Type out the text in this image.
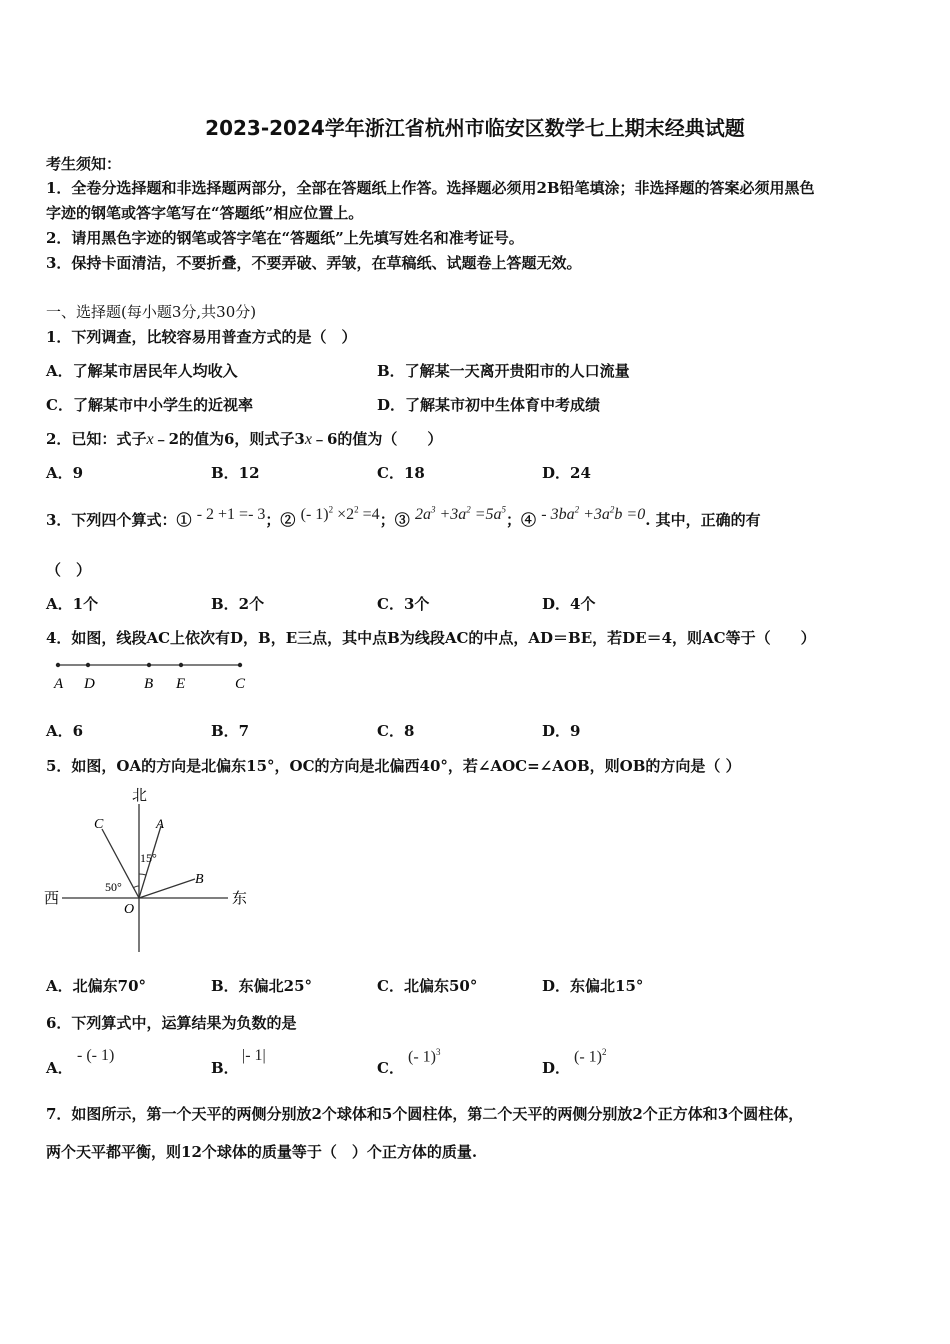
2023-2024学年浙江省杭州市临安区数学七上期末经典试题
考生须知：
1．全卷分选择题和非选择题两部分，全部在答题纸上作答。选择题必须用2B铅笔填涂；非选择题的答案必须用黑色
字迹的钢笔或答字笔写在“答题纸”相应位置上。
2．请用黑色字迹的钢笔或答字笔在“答题纸”上先填写姓名和准考证号。
3．保持卡面清洁，不要折叠，不要弄破、弄皱，在草稿纸、试题卷上答题无效。
一、选择题(每小题3分,共30分)
1．下列调查，比较容易用普查方式的是（　）
A．了解某市居民年人均收入	B．了解某一天离开贵阳市的人口流量
C．了解某市中小学生的近视率	D．了解某市初中生体育中考成绩
2．已知：式子x﹣2的值为6，则式子3x﹣6的值为（　　）
A．9	B．12	C．18	D．24
3．下列四个算式：① - 2 +1 =- 3；② (- $1)^2 \times 2^2 =4$；③ $2a^3 +3a^2 =5a^5$；④ - $3ba^2 +3a^2b =0$. 其中，正确的有
（　）
A．1个	B．2个	C．3个	D．4个
4．如图，线段AC上依次有D，B，E三点，其中点B为线段AC的中点，AD＝BE，若DE＝4，则AC等于（　　）
A D	B E	C
A．6	B．7	C．8	D．9
5．如图，OA的方向是北偏东15°，OC的方向是北偏西40°，若∠AOC=∠AOB，则OB的方向是（ ）
北
西	东
C	A
B
O
15°
50°
A．北偏东70°	B．东偏北25°	C．北偏东50°	D．东偏北15°
6．下列算式中，运算结果为负数的是
A．
- (- 1)
B．
|- 1|
C．
(- 1)$^3$
D．
(- 1)$^2$
7．如图所示，第一个天平的两侧分别放2个球体和5个圆柱体，第二个天平的两侧分别放2个正方体和3个圆柱体，
两个天平都平衡，则12个球体的质量等于（　）个正方体的质量.
